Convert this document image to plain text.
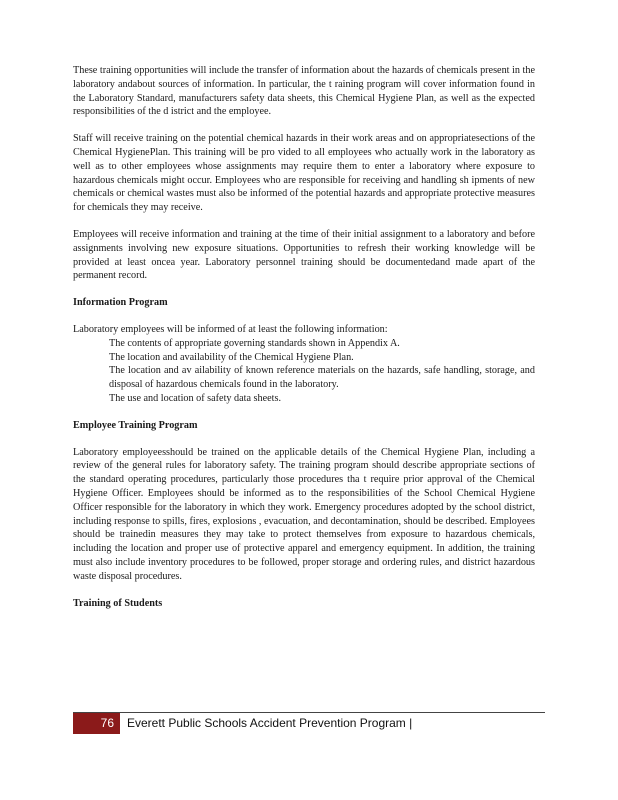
These training opportunities will include the transfer of information about the hazards of chemicals present in the laboratory andabout sources of information. In particular, the t raining program will cover information found in the Laboratory Standard, manufacturers safety data sheets, this Chemical Hygiene Plan, as well as the expected responsibilities of the d istrict and the employee.

Staff will receive training on the potential chemical hazards in their work areas and on appropriatesections of the Chemical HygienePlan. This training will be pro vided to all employees who actually work in the laboratory as well as to other employees whose assignments may require them to enter a laboratory where exposure to hazardous chemicals might occur. Employees who are responsible for receiving and handling sh ipments of new chemicals or chemical wastes must also be informed of the potential hazards and appropriate protective measures for chemicals they may receive.

Employees will receive information and training at the time of their initial assignment to a laboratory and before assignments involving new exposure situations. Opportunities to refresh their working knowledge will be provided at least oncea year. Laboratory personnel training should be documentedand made apart of the permanent record.

Information Program

Laboratory employees will be informed of at least the following information:

The contents of appropriate governing standards shown in Appendix A.
The location and availability of the Chemical Hygiene Plan.
The location and av ailability of known reference materials on the hazards, safe handling, storage, and disposal of hazardous chemicals found in the laboratory.
The use and location of safety data sheets.
Employee Training Program

Laboratory employeesshould be trained on the applicable details of the Chemical Hygiene Plan, including a review of the general rules for laboratory safety. The training program should describe appropriate sections of the standard operating procedures, particularly those procedures tha t require prior approval of the Chemical Hygiene Officer. Employees should be informed as to the responsibilities of the School Chemical Hygiene Officer responsible for the laboratory in which they work. Emergency procedures adopted by the school district, including response to spills, fires, explosions , evacuation, and decontamination, should be described. Employees should be trainedin measures they may take to protect themselves from exposure to hazardous chemicals, including the location and proper use of protective apparel and emergency equipment. In addition, the training must also include inventory procedures to be followed, proper storage and ordering rules, and district hazardous waste disposal procedures.

Training of Students
76	Everett Public Schools Accident Prevention Program |
